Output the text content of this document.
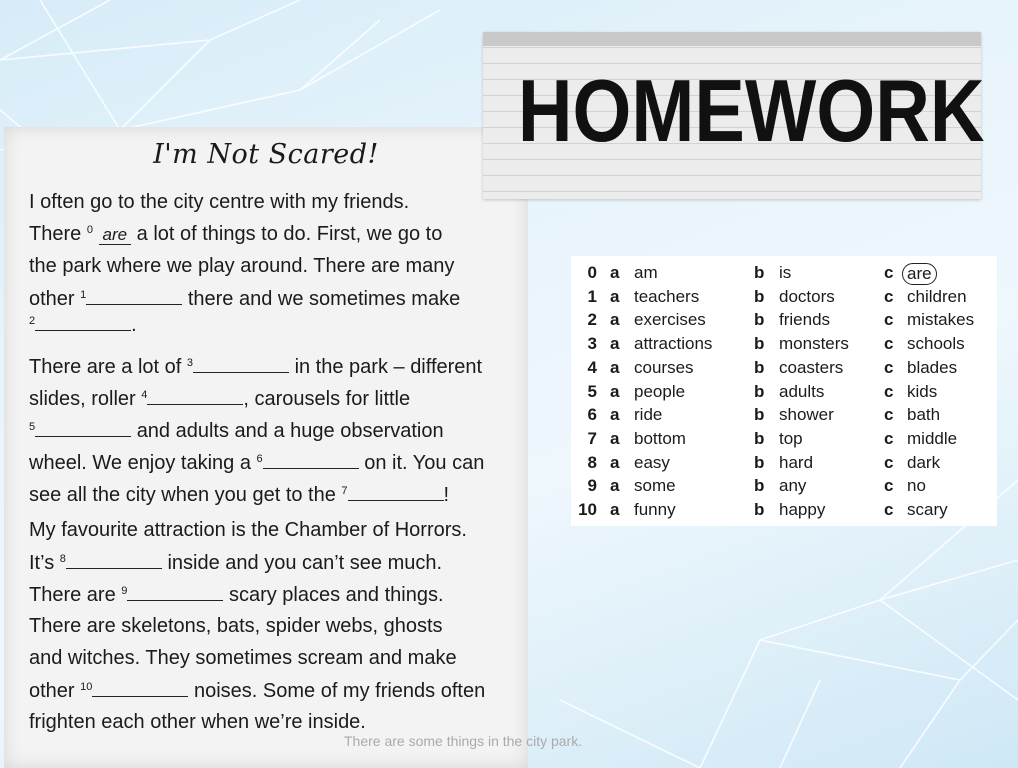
I'm Not Scared!
I often go to the city centre with my friends.
There $^0$ are a lot of things to do. First, we go to
the park where we play around. There are many
other $^1$	there and we sometimes make
$^2$	.
There are a lot of $^3$	in the park – different
slides, roller $^4$	, carousels for little
$^5$	and adults and a huge observation
wheel. We enjoy taking a $^6$	on it. You can
see all the city when you get to the $^7$	!
My favourite attraction is the Chamber of Horrors.
It’s $^8$	inside and you can’t see much.
There are $^9$	scary places and things.
There are skeletons, bats, spider webs, ghosts
and witches. They sometimes scream and make
other $^{10}$	noises. Some of my friends often
frighten each other when we’re inside.
There are some things in the city park.
HOMEWORK
0 a am	b is	c are
1 a teachers	b doctors	c children
2 a exercises	b friends	c mistakes
3 a attractions b monsters c schools
4 a courses	b coasters c blades
5 a people	b adults	c kids
6 a ride	b shower	c bath
7 a bottom	b top	c middle
8 a easy	b hard	c dark
9 a some	b any	c no
10 a funny	b happy	c scary
